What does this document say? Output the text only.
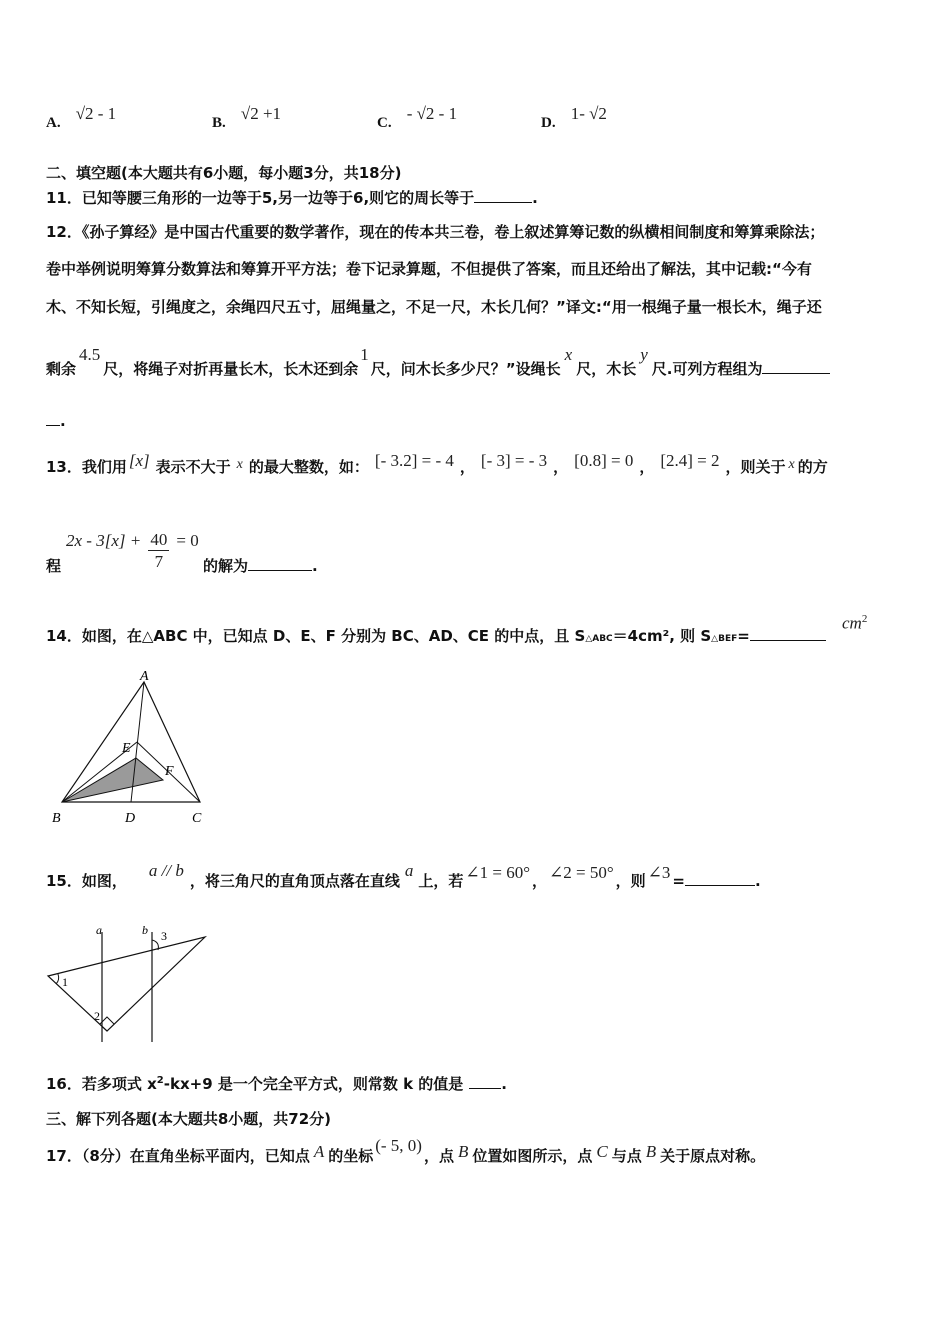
A. √2 - 1	B. √2 +1	C. - √2 - 1	D. 1- √2
二、填空题(本大题共有6小题，每小题3分，共18分)
11．已知等腰三角形的一边等于5,另一边等于6,则它的周长等于	.
12．《孙子算经》是中国古代重要的数学著作，现在的传本共三卷，卷上叙述算筹记数的纵横相间制度和筹算乘除法；
卷中举例说明筹算分数算法和筹算开平方法；卷下记录算题，不但提供了答案，而且还给出了解法，其中记载:“今有
木、不知长短，引绳度之，余绳四尺五寸，屈绳量之，不足一尺，木长几何？”译文:“用一根绳子量一根长木，绳子还
剩余4.5尺，将绳子对折再量长木，长木还到余1尺，问木长多少尺？”设绳长x尺，木长y尺.可列方程组为
.
13．我们用 [x] 表示不大于 x 的最大整数，如： [- 3.2] = - 4 ， [- 3] = - 3 ， [0.8] = 0 ， [2.4] = 2 ，则关于 x 的方
程
$2x - 3[x] + \frac{40}{7} = 0$
的解为	.
14．如图，在△ABC 中，已知点 D、E、F 分别为 BC、AD、CE 的中点，且 S△ABC＝4cm², 则 S△BEF=
$cm^2$
A
B	C
D
E
F
15．如图，a // b，将三角尺的直角顶点落在直线a上，若 ∠1 = 60° ， ∠2 = 50° ，则 ∠3 =	.
a	b
1
2
3
16．若多项式 $x^2-kx+9$ 是一个完全平方式，则常数 k 的值是	.
三、解下列各题(本大题共8小题，共72分)
17．（8分）在直角坐标平面内，已知点 A 的坐标(- 5, 0)，点 B 位置如图所示，点 C 与点 B 关于原点对称。
